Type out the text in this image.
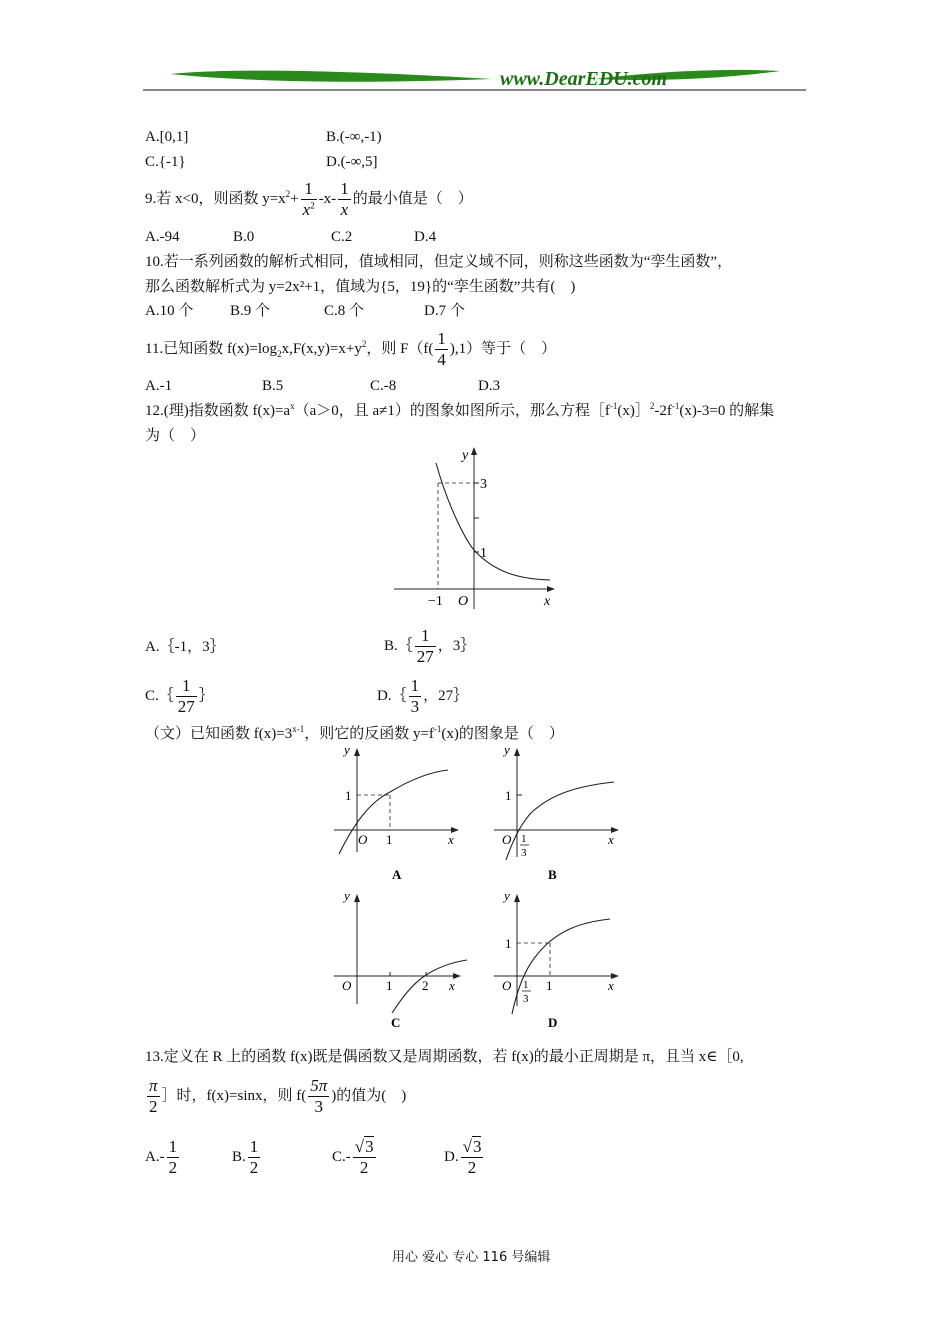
www.DearEDU.com
A.[0,1]	B.(-∞,-1)
C.{-1}	D.(-∞,5]
9.若 x<0，则函数 $y=x^2+ \frac{1}{x^2} -x- \frac{1}{x}$ 的最小值是（　）
A.-94	B.0	C.2	D.4
10.若一系列函数的解析式相同，值域相同，但定义域不同，则称这些函数为“孪生函数”，
那么函数解析式为 y=2x²+1，值域为{5，19}的“孪生函数”共有(　)
A.10 个 B.9 个	C.8 个	D.7 个
11.已知函数 $f(x)=\log_2x,F(x,y)=x+y^2$，则 $F(f( \frac{1}{4} ),1)$等于（　）
A.-1	B.5	C.-8	D.3
12.(理)指数函数 $f(x)=a^x(a>0$，且 a≠1）的图象如图所示，那么方程$[f^{-1}(x)]^2-2f^{-1}(x)-3=0$ 的解集
为（　）
y
x
O
3
1
−1
A.｛-1，3｝	B.｛ $\frac{1}{27}$ ，3｝
C.｛ $\frac{1}{27}$ ｝	D.｛ $\frac{1}{3}$ ，27｝
（文）已知函数 $f(x)=3^{x-1}$，则它的反函数 $y=f^{-1}(x)$的图象是（　）
y
x
O
1
1
A
y
x
O
1
1
3
B
y
x
O	1 2
C
y
x
O
1
1
1
3
D
13.定义在 R 上的函数 f(x)既是偶函数又是周期函数，若 f(x)的最小正周期是 π，且当 x∈［0,
$\frac{\pi}{2}$ ］时，f(x)=sinx，则 $f( \frac{5\pi}{3}$ )的值为(　)
$A.- \frac{1}{2}$	B. $\frac{1}{2}$	$C.- \frac{√3}{2}$	D. $\frac{√3}{2}$
用心 爱心 专心 116 号编辑
